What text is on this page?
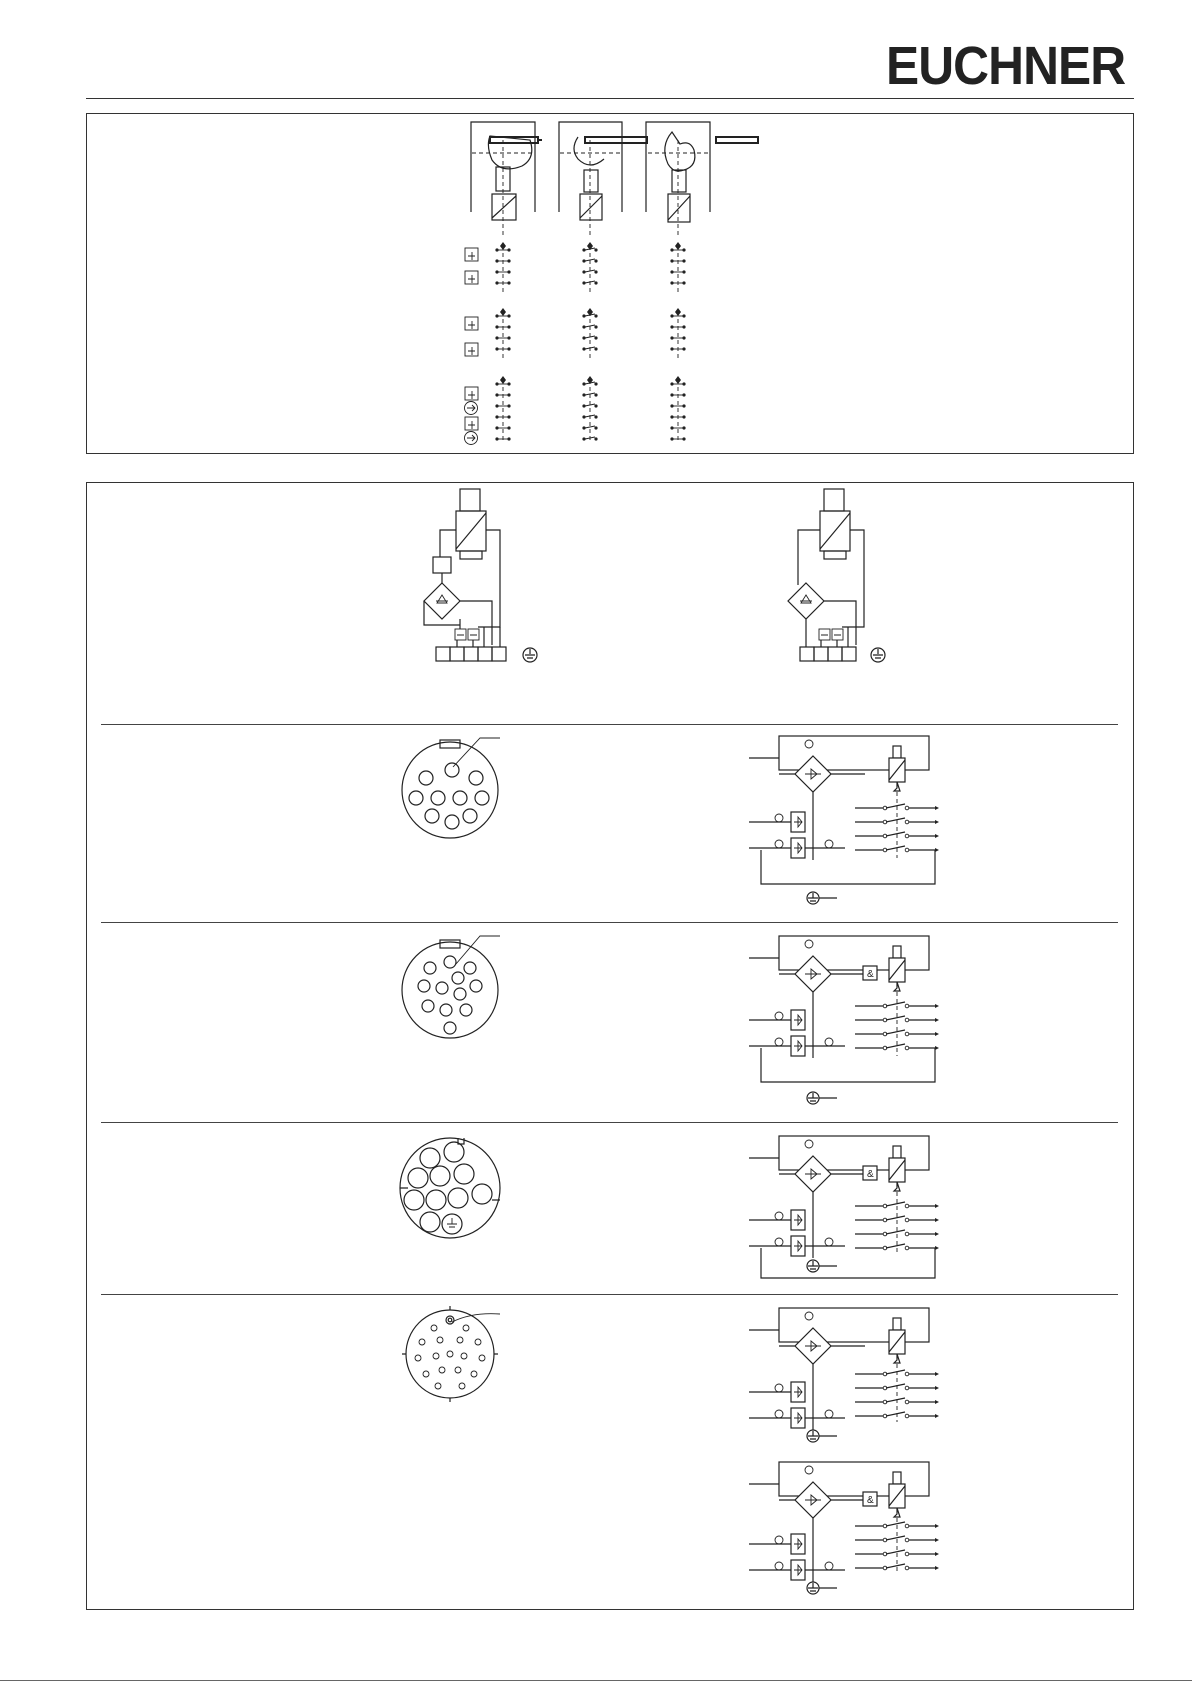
EUCHNER
&
&
&
